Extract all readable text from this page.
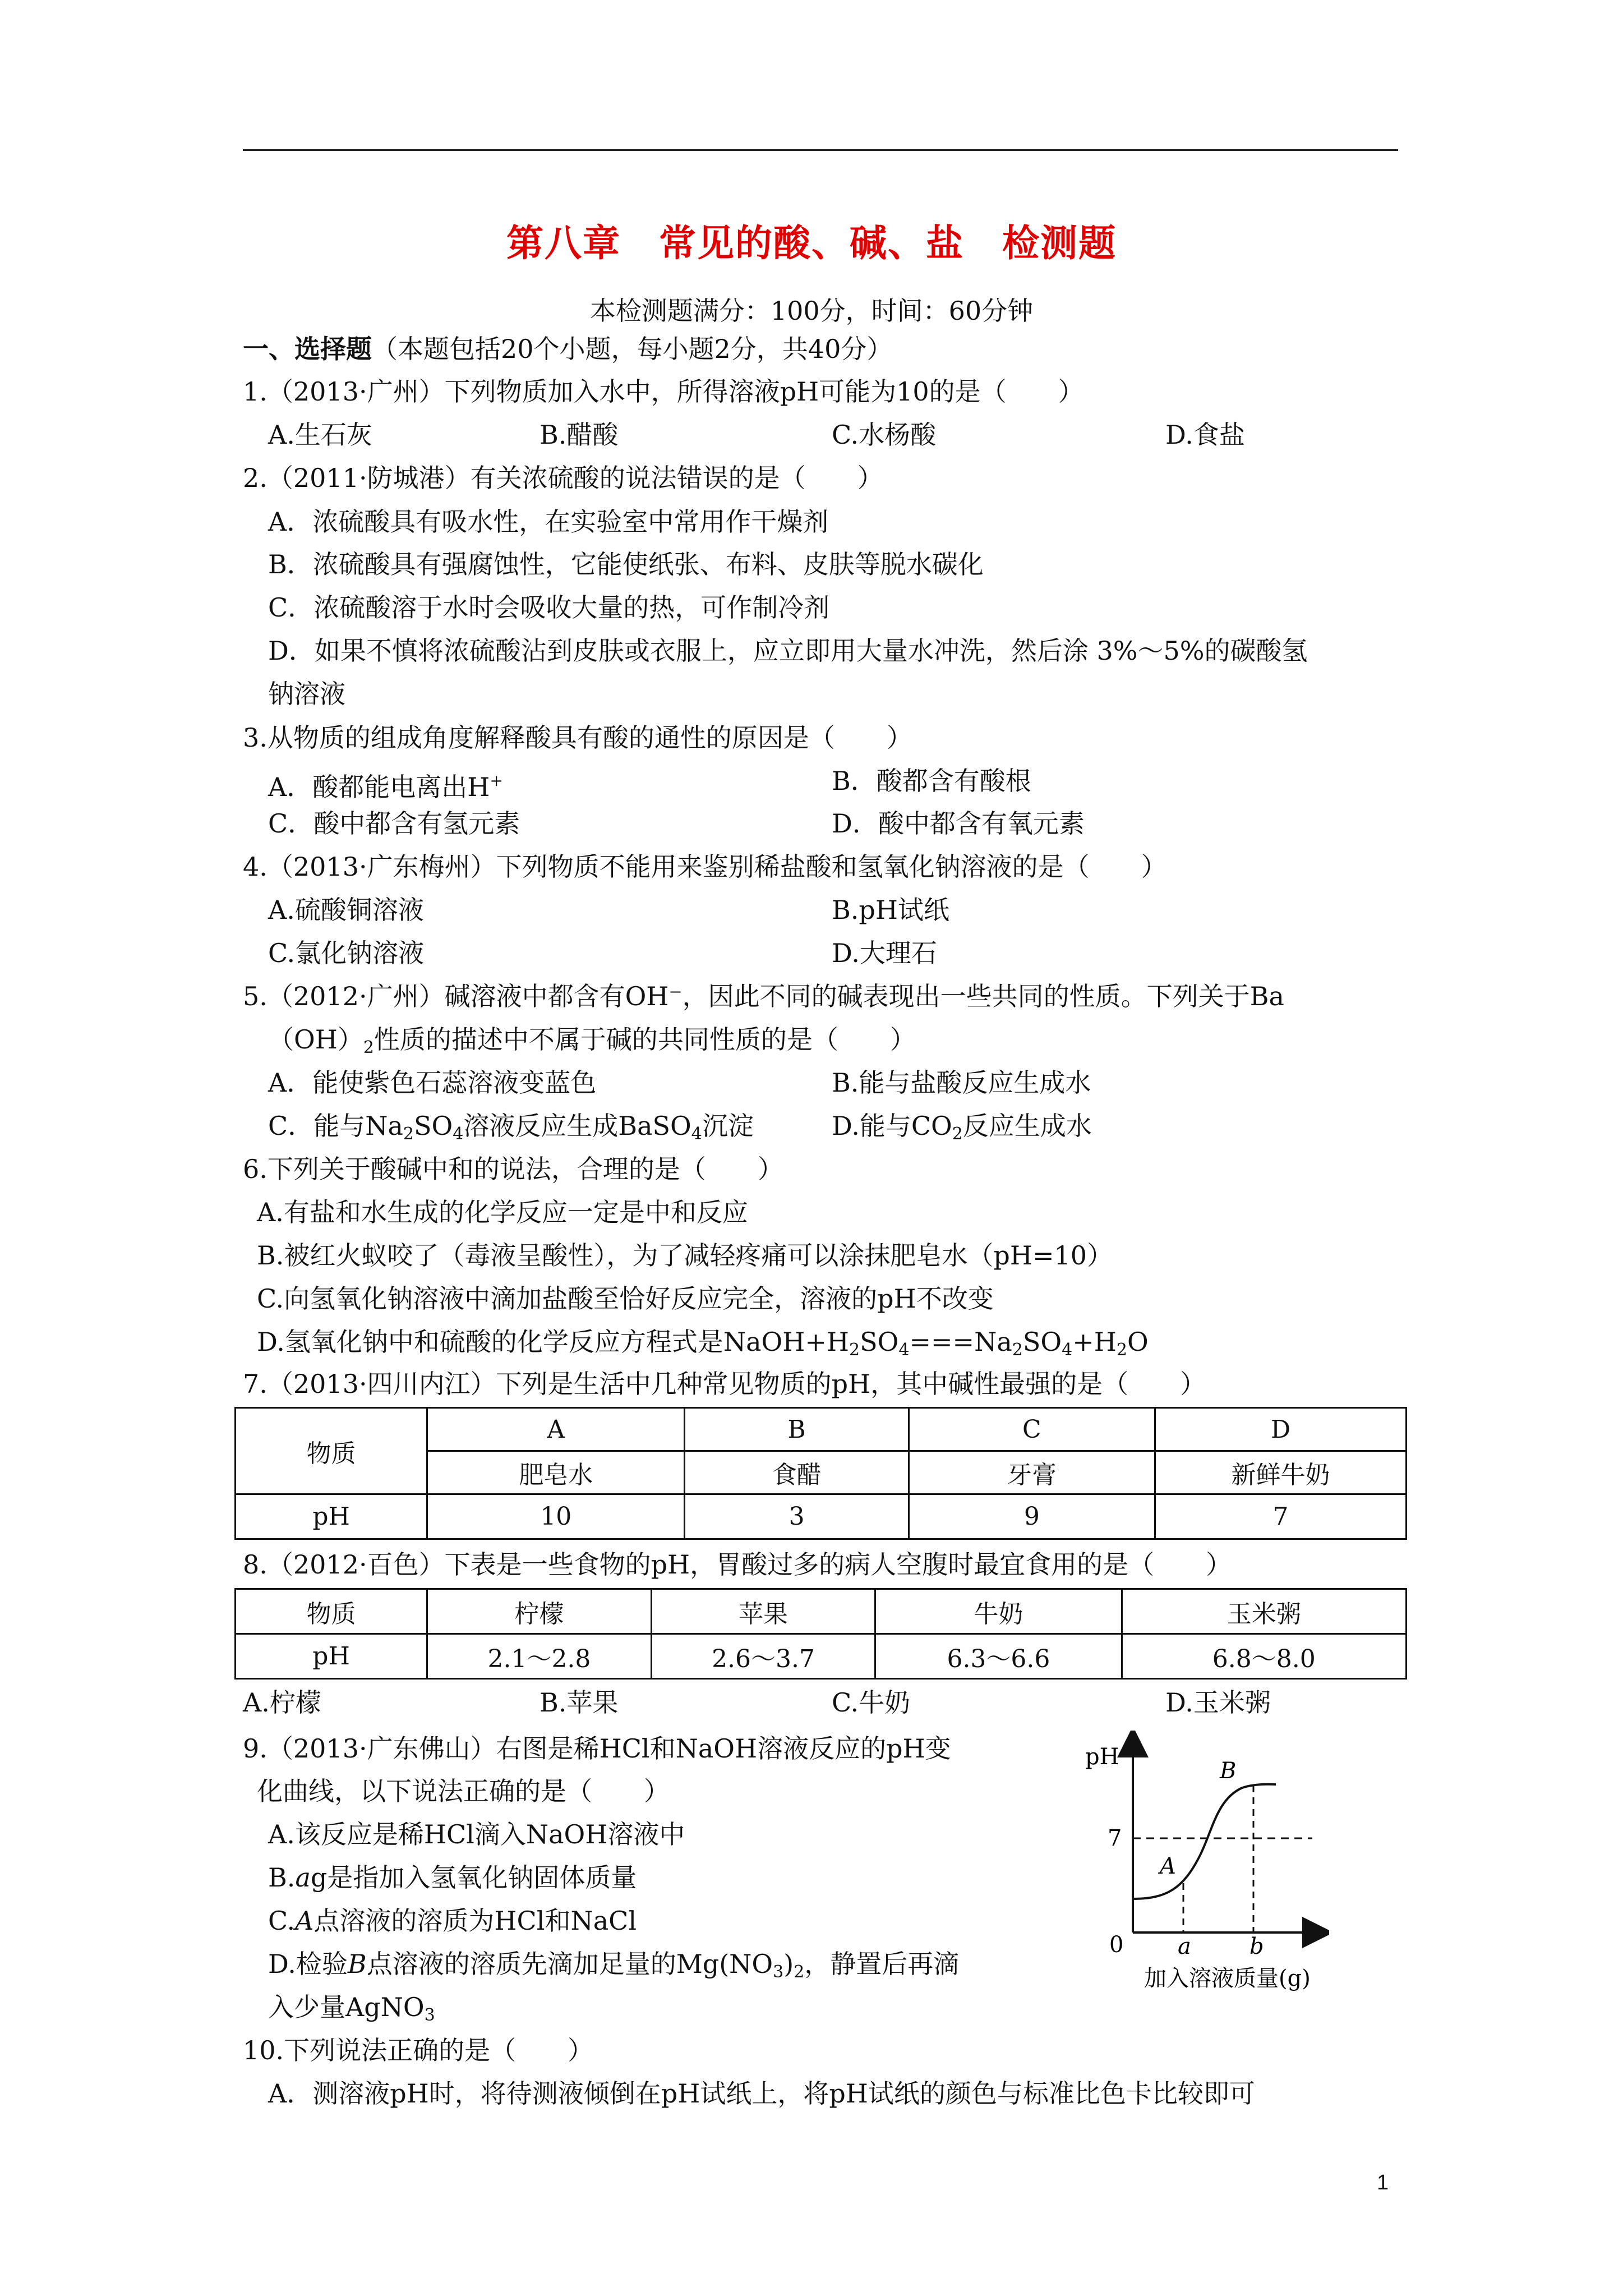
第八章　常见的酸、碱、盐　检测题
本检测题满分：100分，时间：60分钟
一、选择题（本题包括20个小题，每小题2分，共40分）
1.（2013·广州）下列物质加入水中，所得溶液pH可能为10的是（　　）
A.生石灰	B.醋酸	C.水杨酸	D.食盐
2.（2011·防城港）有关浓硫酸的说法错误的是（　　）
A．浓硫酸具有吸水性，在实验室中常用作干燥剂
B．浓硫酸具有强腐蚀性，它能使纸张、布料、皮肤等脱水碳化
C．浓硫酸溶于水时会吸收大量的热，可作制冷剂
D．如果不慎将浓硫酸沾到皮肤或衣服上，应立即用大量水冲洗，然后涂 3%～5%的碳酸氢
钠溶液
3.从物质的组成角度解释酸具有酸的通性的原因是（　　）
A．酸都能电离出H+	B．酸都含有酸根
C．酸中都含有氢元素	D．酸中都含有氧元素
4.（2013·广东梅州）下列物质不能用来鉴别稀盐酸和氢氧化钠溶液的是（　　）
A.硫酸铜溶液	B.pH试纸
C.氯化钠溶液	D.大理石
5.（2012·广州）碱溶液中都含有OH⁻，因此不同的碱表现出一些共同的性质。下列关于Ba
$(OH)_2$性质的描述中不属于碱的共同性质的是（　　）
A．能使紫色石蕊溶液变蓝色	B.能与盐酸反应生成水
C．能与$Na_2SO_4$溶液反应生成BaSO$_4$沉淀	D.能与$CO_2$反应生成水
6.下列关于酸碱中和的说法，合理的是（　　）
A.有盐和水生成的化学反应一定是中和反应
B.被红火蚁咬了（毒液呈酸性），为了减轻疼痛可以涂抹肥皂水（pH=10）
C.向氢氧化钠溶液中滴加盐酸至恰好反应完全，溶液的pH不改变
D.氢氧化钠中和硫酸的化学反应方程式是$NaOH+H_2SO_4===Na_2SO_4+H_2O$
7.（2013·四川内江）下列是生活中几种常见物质的pH，其中碱性最强的是（　　）
物质	A	B	C	D
	肥皂水	食醋	牙膏	新鲜牛奶
pH	10	3	9	7
8.（2012·百色）下表是一些食物的pH，胃酸过多的病人空腹时最宜食用的是（　　）
物质	柠檬	苹果	牛奶	玉米粥
pH	2.1～2.8	2.6～3.7	6.3～6.6	6.8～8.0
A.柠檬	B.苹果	C.牛奶	D.玉米粥
9.（2013·广东佛山）右图是稀HCl和NaOH溶液反应的pH变
化曲线，以下说法正确的是（　　）
A.该反应是稀HCl滴入NaOH溶液中
B.ag是指加入氢氧化钠固体质量
C.A点溶液的溶质为HCl和NaCl
D.检验B点溶液的溶质先滴加足量的$Mg(NO_3)_2$，静置后再滴
入少量AgNO$_3$
pH
7
0 a	b
A
B
加入溶液质量(g)
10.下列说法正确的是（　　）
A．测溶液pH时，将待测液倾倒在pH试纸上，将pH试纸的颜色与标准比色卡比较即可
1
